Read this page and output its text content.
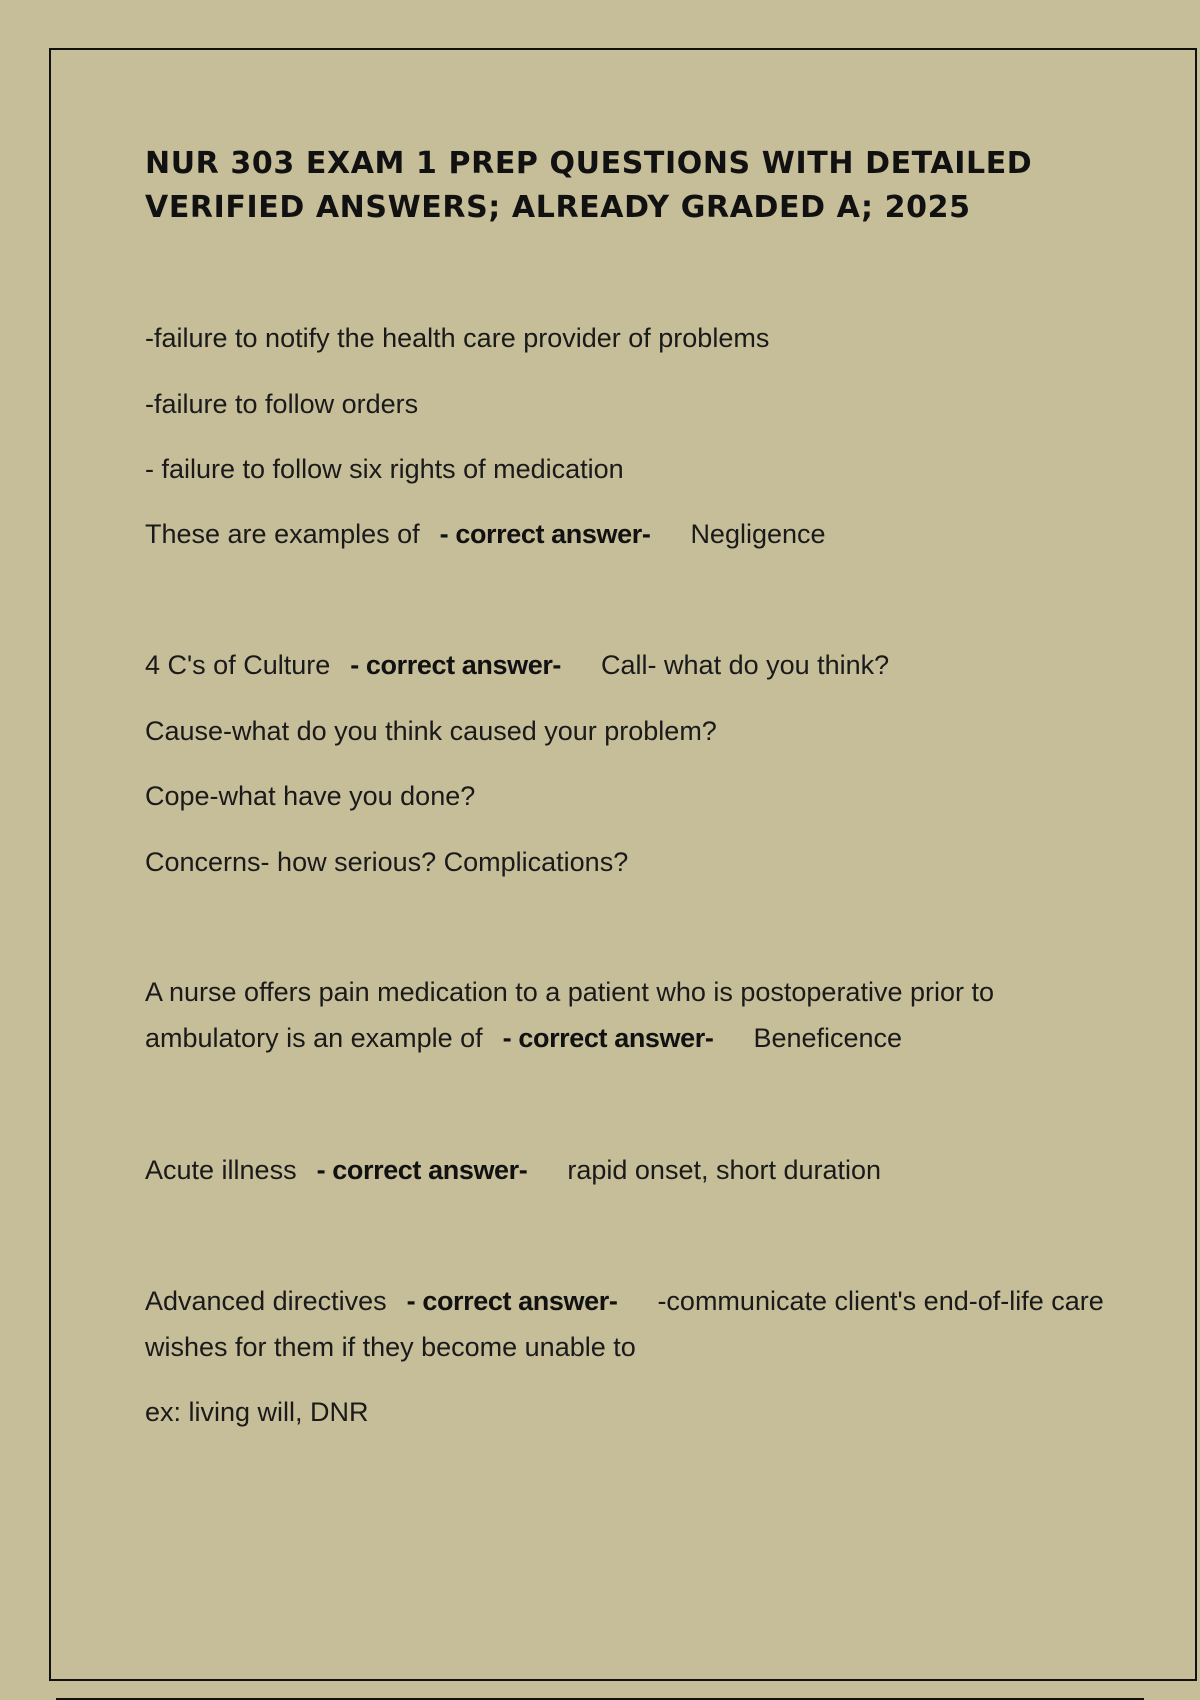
NUR 303 EXAM 1 PREP QUESTIONS WITH DETAILED VERIFIED ANSWERS; ALREADY GRADED A; 2025

-failure to notify the health care provider of problems

-failure to follow orders

- failure to follow six rights of medication

These are examples of - correct answer- Negligence

4 C's of Culture - correct answer- Call- what do you think?

Cause-what do you think caused your problem?

Cope-what have you done?

Concerns- how serious? Complications?

A nurse offers pain medication to a patient who is postoperative prior to ambulatory is an example of - correct answer- Beneficence

Acute illness - correct answer- rapid onset, short duration

Advanced directives - correct answer- -communicate client's end-of-life care wishes for them if they become unable to

ex: living will, DNR
